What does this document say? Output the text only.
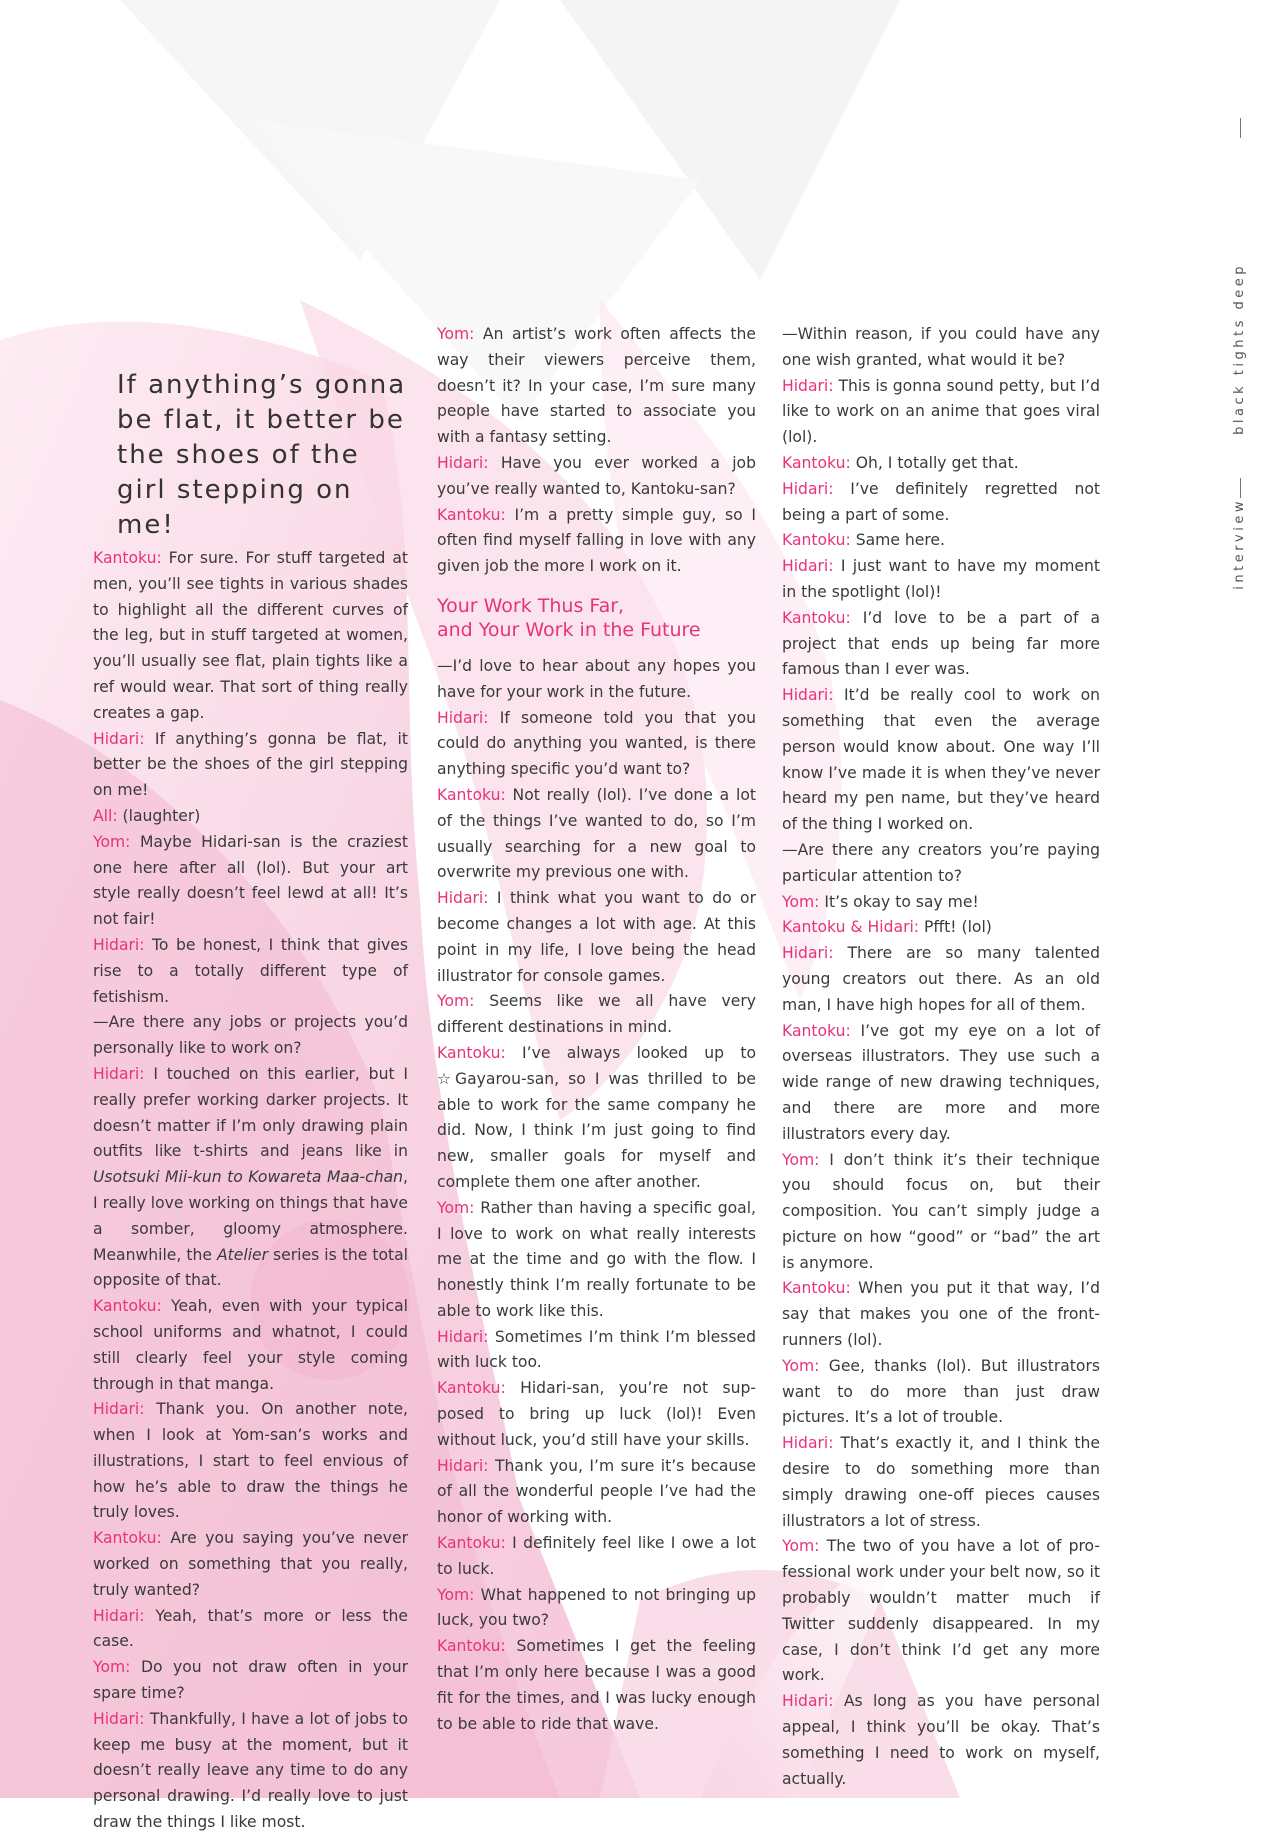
black tights deep
interview
If anything’s gonna be flat, it better be the shoes of the girl stepping on me!

Kantoku: For sure. For stuff targeted at men, you’ll see tights in various shades to highlight all the different curves of the leg, but in stuff targeted at women, you’ll usually see flat, plain tights like a ref would wear. That sort of thing really creates a gap.

Hidari: If anything’s gonna be flat, it better be the shoes of the girl stepping on me!

All: (laughter)

Yom: Maybe Hidari-san is the craziest one here after all (lol). But your art style really doesn’t feel lewd at all! It’s not fair!

Hidari: To be honest, I think that gives rise to a totally different type of fetishism.

—Are there any jobs or projects you’d personally like to work on?

Hidari: I touched on this earlier, but I really prefer working darker projects. It doesn’t matter if I’m only drawing plain outfits like t-shirts and jeans like in Usotsuki Mii-kun to Kowareta Maa-chan, I really love working on things that have a somber, gloomy atmosphere. Meanwhile, the Atelier series is the total opposite of that.

Kantoku: Yeah, even with your typical school uniforms and whatnot, I could still clearly feel your style coming through in that manga.

Hidari: Thank you. On another note, when I look at Yom-san’s works and illustrations, I start to feel envious of how he’s able to draw the things he truly loves.

Kantoku: Are you saying you’ve never worked on something that you really, truly wanted?

Hidari: Yeah, that’s more or less the case.

Yom: Do you not draw often in your spare time?

Hidari: Thankfully, I have a lot of jobs to keep me busy at the moment, but it doesn’t really leave any time to do any personal drawing. I’d really love to just draw the things I like most.

Yom: An artist’s work often affects the way their viewers perceive them, doesn’t it? In your case, I’m sure many people have started to associate you with a fantasy setting.

Hidari: Have you ever worked a job you’ve really wanted to, Kantoku-san?

Kantoku: I’m a pretty simple guy, so I often find myself falling in love with any given job the more I work on it.

Your Work Thus Far,
and Your Work in the Future

—I’d love to hear about any hopes you have for your work in the future.

Hidari: If someone told you that you could do anything you wanted, is there anything specific you’d want to?

Kantoku: Not really (lol). I’ve done a lot of the things I’ve wanted to do, so I’m usually searching for a new goal to overwrite my previous one with.

Hidari: I think what you want to do or become changes a lot with age. At this point in my life, I love being the head illustrator for console games.

Yom: Seems like we all have very different destinations in mind.

Kantoku: I’ve always looked up to ☆Gayarou-san, so I was thrilled to be able to work for the same company he did. Now, I think I’m just going to find new, smaller goals for myself and complete them one after another.

Yom: Rather than having a specific goal, I love to work on what really interests me at the time and go with the flow. I honestly think I’m really fortunate to be able to work like this.

Hidari: Sometimes I’m think I’m blessed with luck too.

Kantoku: Hidari-san, you’re not sup-posed to bring up luck (lol)! Even without luck, you’d still have your skills.

Hidari: Thank you, I’m sure it’s because of all the wonderful people I’ve had the honor of working with.

Kantoku: I definitely feel like I owe a lot to luck.

Yom: What happened to not bringing up luck, you two?

Kantoku: Sometimes I get the feeling that I’m only here because I was a good fit for the times, and I was lucky enough to be able to ride that wave.

—Within reason, if you could have any one wish granted, what would it be?

Hidari: This is gonna sound petty, but I’d like to work on an anime that goes viral (lol).

Kantoku: Oh, I totally get that.

Hidari: I’ve definitely regretted not being a part of some.

Kantoku: Same here.

Hidari: I just want to have my moment in the spotlight (lol)!

Kantoku: I’d love to be a part of a project that ends up being far more famous than I ever was.

Hidari: It’d be really cool to work on something that even the average person would know about. One way I’ll know I’ve made it is when they’ve never heard my pen name, but they’ve heard of the thing I worked on.

—Are there any creators you’re paying particular attention to?

Yom: It’s okay to say me!

Kantoku & Hidari: Pfft! (lol)

Hidari: There are so many talented young creators out there. As an old man, I have high hopes for all of them.

Kantoku: I’ve got my eye on a lot of overseas illustrators. They use such a wide range of new drawing techniques, and there are more and more illustrators every day.

Yom: I don’t think it’s their technique you should focus on, but their composition. You can’t simply judge a picture on how “good” or “bad” the art is anymore.

Kantoku: When you put it that way, I’d say that makes you one of the front-runners (lol).

Yom: Gee, thanks (lol). But illustrators want to do more than just draw pictures. It’s a lot of trouble.

Hidari: That’s exactly it, and I think the desire to do something more than simply drawing one-off pieces causes illustrators a lot of stress.

Yom: The two of you have a lot of pro-fessional work under your belt now, so it probably wouldn’t matter much if Twitter suddenly disappeared. In my case, I don’t think I’d get any more work.

Hidari: As long as you have personal appeal, I think you’ll be okay. That’s something I need to work on myself, actually.
